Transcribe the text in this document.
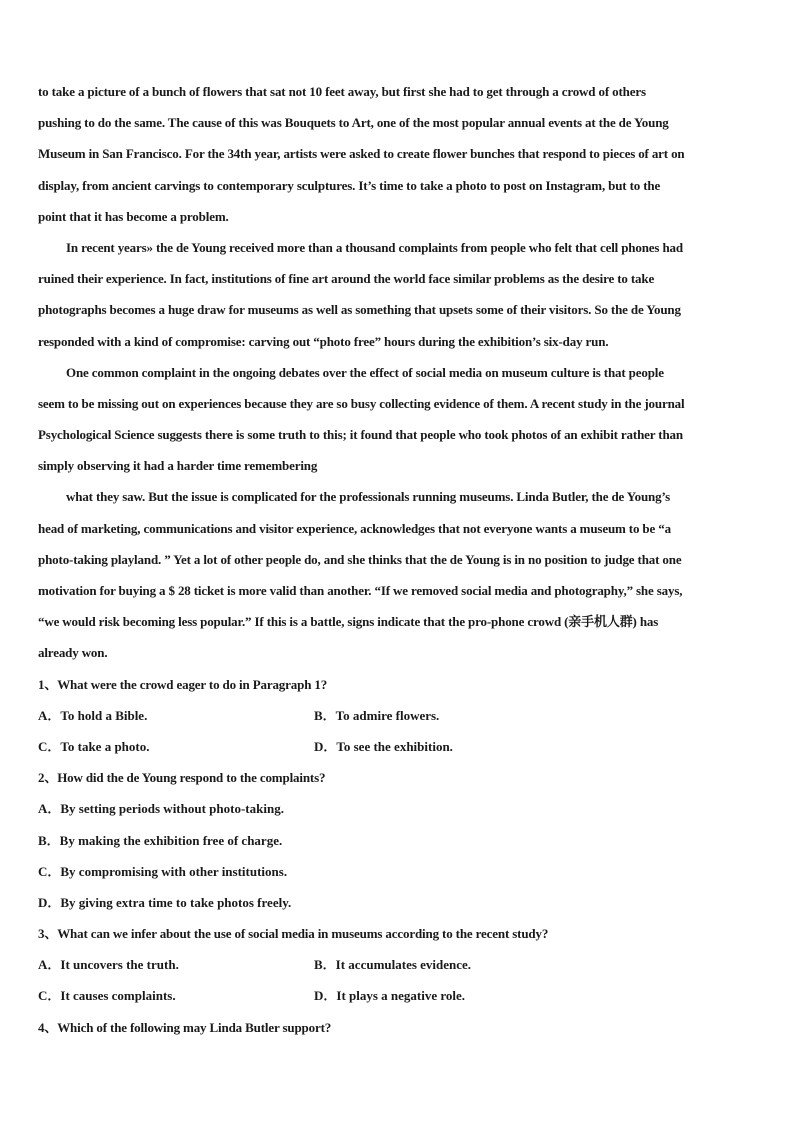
to take a picture of a bunch of flowers that sat not 10 feet away, but first she had to get through a crowd of others
pushing to do the same. The cause of this was Bouquets to Art, one of the most popular annual events at the de Young
Museum in San Francisco. For the 34th year, artists were asked to create flower bunches that respond to pieces of art on
display, from ancient carvings to contemporary sculptures. It’s time to take a photo to post on Instagram, but to the
point that it has become a problem.
In recent years» the de Young received more than a thousand complaints from people who felt that cell phones had
ruined their experience. In fact, institutions of fine art around the world face similar problems as the desire to take
photographs becomes a huge draw for museums as well as something that upsets some of their visitors. So the de Young
responded with a kind of compromise: carving out “photo free” hours during the exhibition’s six-day run.
One common complaint in the ongoing debates over the effect of social media on museum culture is that people
seem to be missing out on experiences because they are so busy collecting evidence of them. A recent study in the journal
Psychological Science suggests there is some truth to this; it found that people who took photos of an exhibit rather than
simply observing it had a harder time remembering
what they saw. But the issue is complicated for the professionals running museums. Linda Butler, the de Young’s
head of marketing, communications and visitor experience, acknowledges that not everyone wants a museum to be “a
photo-taking playland. ” Yet a lot of other people do, and she thinks that the de Young is in no position to judge that one
motivation for buying a $ 28 ticket is more valid than another. “If we removed social media and photography,” she says,
“we would risk becoming less popular.” If this is a battle, signs indicate that the pro-phone crowd (亲手机人群) has
already won.
1、What were the crowd eager to do in Paragraph 1?
A．To hold a Bible.	B．To admire flowers.
C．To take a photo.	D．To see the exhibition.
2、How did the de Young respond to the complaints?
A．By setting periods without photo-taking.
B．By making the exhibition free of charge.
C．By compromising with other institutions.
D．By giving extra time to take photos freely.
3、What can we infer about the use of social media in museums according to the recent study?
A．It uncovers the truth.	B．It accumulates evidence.
C．It causes complaints.	D．It plays a negative role.
4、Which of the following may Linda Butler support?
